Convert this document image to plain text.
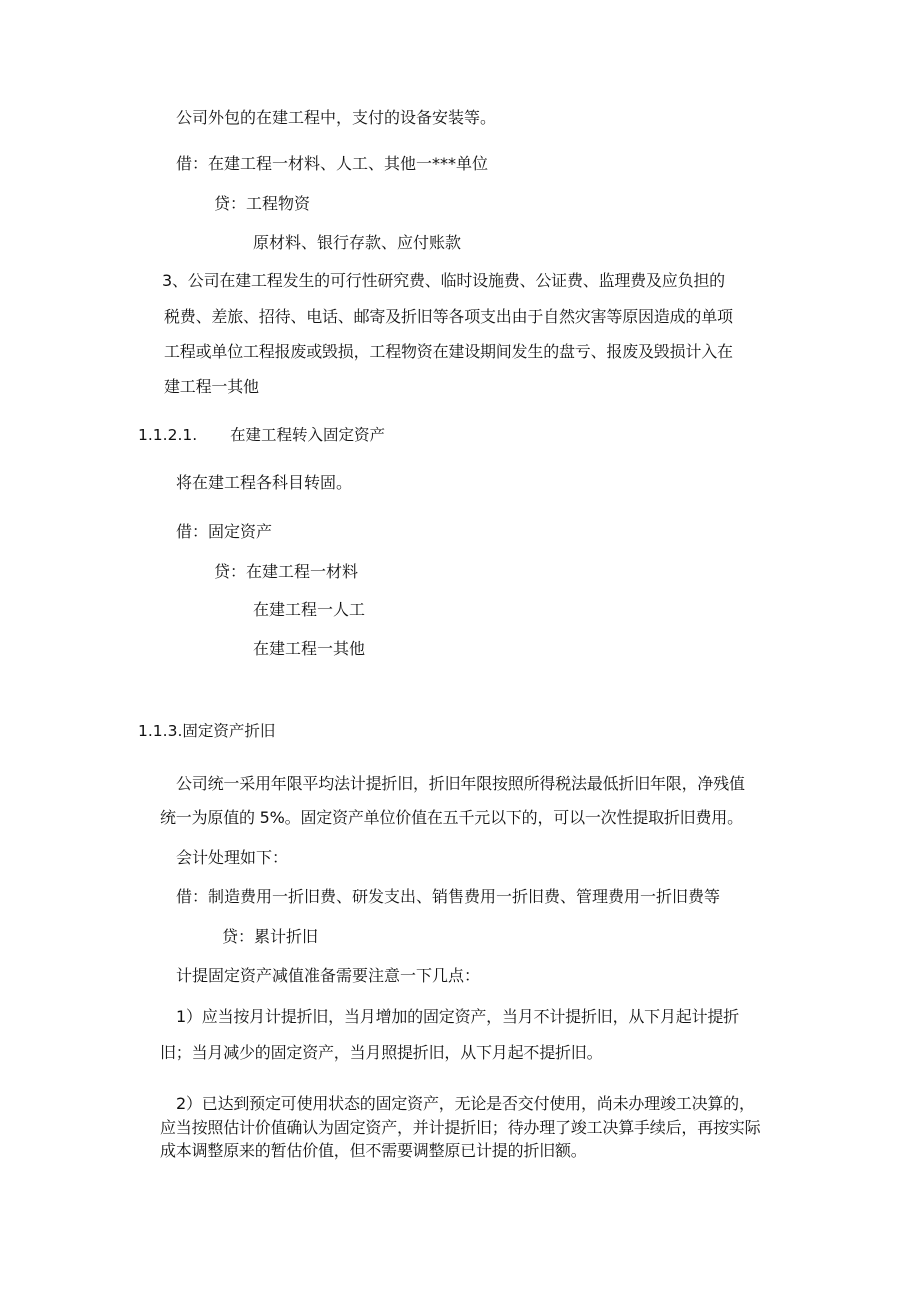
公司外包的在建工程中，支付的设备安装等。

借：在建工程一材料、人工、其他一***单位

贷：工程物资

原材料、银行存款、应付账款

3、公司在建工程发生的可行性研究费、临时设施费、公证费、监理费及应负担的

税费、差旅、招待、电话、邮寄及折旧等各项支出由于自然灾害等原因造成的单项

工程或单位工程报废或毁损，工程物资在建设期间发生的盘亏、报废及毁损计入在

建工程一其他

1.1.2.1. 在建工程转入固定资产

将在建工程各科目转固。

借：固定资产

贷：在建工程一材料

在建工程一人工

在建工程一其他

1.1.3.固定资产折旧

公司统一采用年限平均法计提折旧，折旧年限按照所得税法最低折旧年限，净残值

统一为原值的 5%。固定资产单位价值在五千元以下的，可以一次性提取折旧费用。

会计处理如下：

借：制造费用一折旧费、研发支出、销售费用一折旧费、管理费用一折旧费等

贷：累计折旧

计提固定资产减值准备需要注意一下几点：

1）应当按月计提折旧，当月增加的固定资产，当月不计提折旧，从下月起计提折

旧；当月减少的固定资产，当月照提折旧，从下月起不提折旧。

2）已达到预定可使用状态的固定资产，无论是否交付使用，尚未办理竣工决算的，

应当按照估计价值确认为固定资产，并计提折旧；待办理了竣工决算手续后，再按实际

成本调整原来的暂估价值，但不需要调整原已计提的折旧额。
